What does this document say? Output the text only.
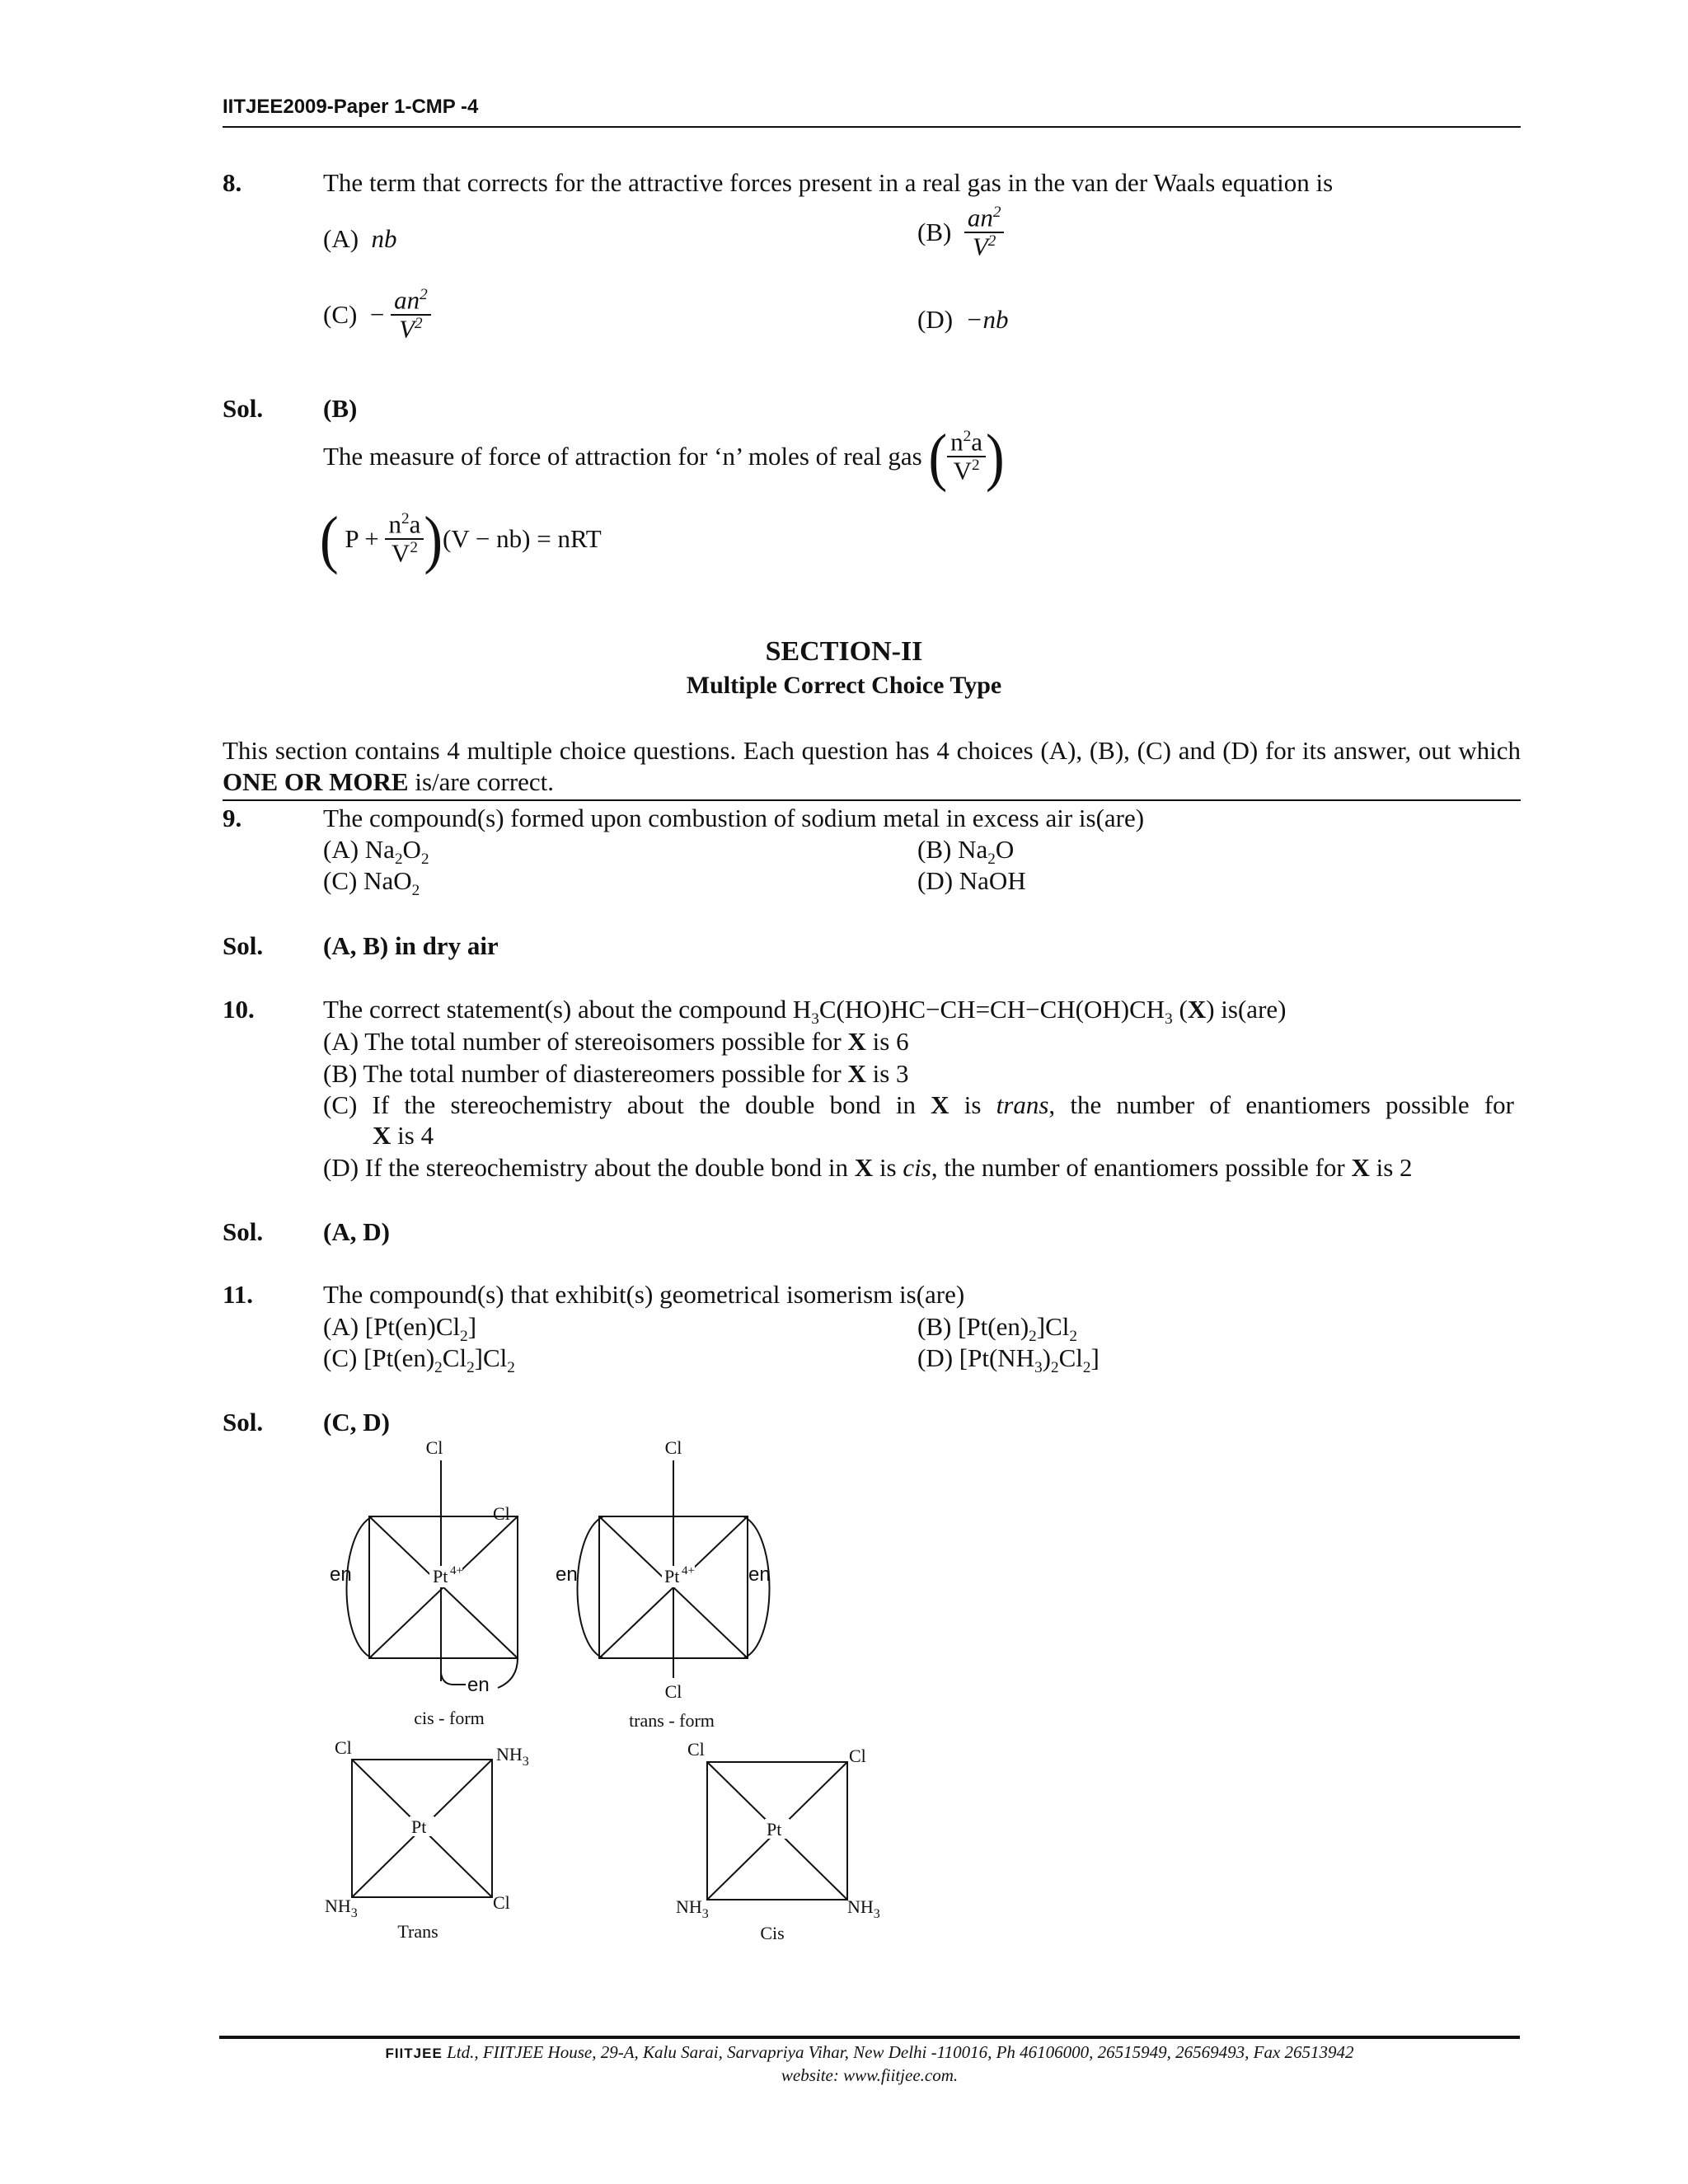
IITJEE2009-Paper 1-CMP -4
8.	The term that corrects for the attractive forces present in a real gas in the van der Waals equation is
(A) nb	$(B) \frac{an^2}{V^2}$
$(C) - \frac{an^2}{V^2}$	(D) −nb
Sol. (B)
The measure of force of attraction for ‘n’ moles of real gas ( $\frac{n^2a}{V^2}$ )
( $P + \frac{n^2a}{V^2} )(V - nb)$ = nRT
SECTION-II
Multiple Correct Choice Type
This section contains 4 multiple choice questions. Each question has 4 choices (A), (B), (C) and (D) for its answer, out which ONE OR MORE is/are correct.
9.	The compound(s) formed upon combustion of sodium metal in excess air is(are)
(A) $Na_2O_2$	(B) $Na_2O$
(C) NaO$_2$	(D) NaOH
Sol. (A, B) in dry air
10.	The correct statement(s) about the compound $H_3C(HO)HC-CH=CH-CH(OH)CH_3$ (X) is(are)
(A) The total number of stereoisomers possible for X is 6
(B) The total number of diastereomers possible for X is 3
(C) If the stereochemistry about the double bond in X is trans, the number of enantiomers possible for
X is 4
(D) If the stereochemistry about the double bond in X is cis, the number of enantiomers possible for X is 2
Sol. (A, D)
11.	The compound(s) that exhibit(s) geometrical isomerism is(are)
(A) $[Pt(en)Cl_2]$	(B) $[Pt(en)_2]Cl_2$
(C) $[Pt(en)_2Cl_2]Cl_2$	(D) $[Pt(NH_3)_2Cl_2]$
Sol. (C, D)
Cl
Cl
en	Pt 4+
en
cis - form
Cl
en	en
Pt 4+
Cl
trans - form
Cl	$NH_3$
Pt
$NH_3$
Cl
Trans
Cl	Cl
Pt
$NH_3$	$NH_3$
Cis
FIITJEE Ltd., FIITJEE House, 29-A, Kalu Sarai, Sarvapriya Vihar, New Delhi -110016, Ph 46106000, 26515949, 26569493, Fax 26513942
website: www.fiitjee.com.
